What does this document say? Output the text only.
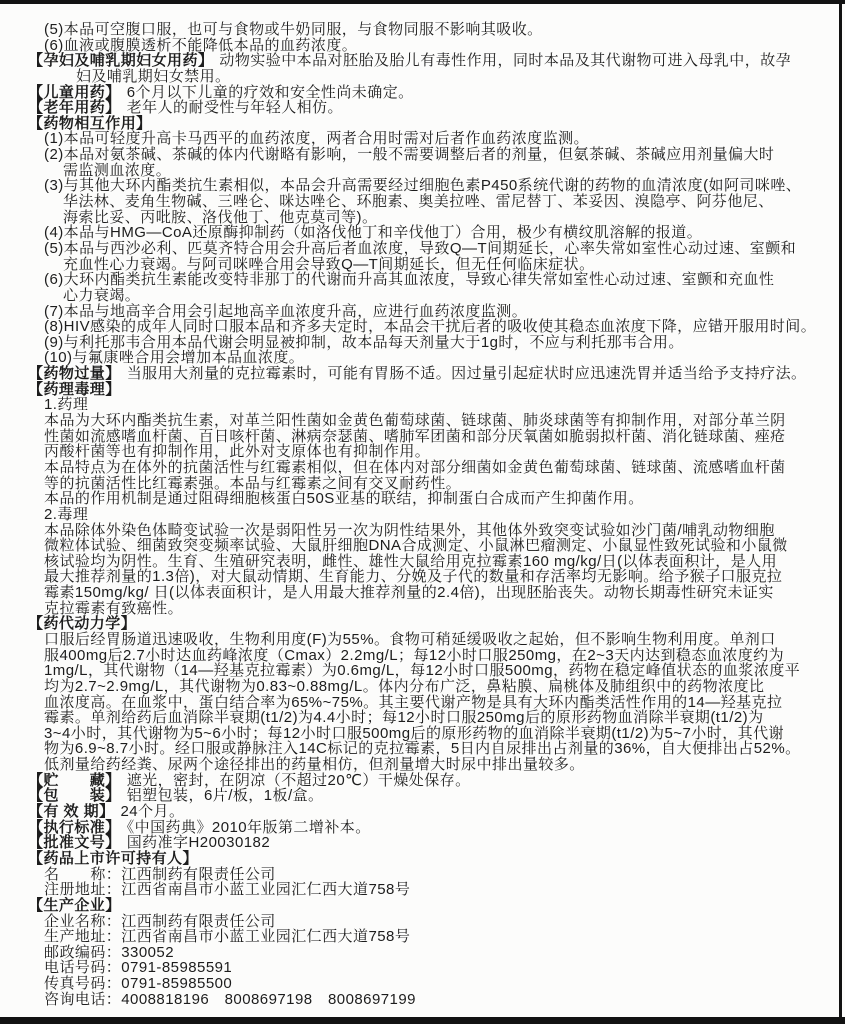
(5)本品可空腹口服，也可与食物或牛奶同服，与食物同服不影响其吸收。
(6)血液或腹膜透析不能降低本品的血药浓度。
【孕妇及哺乳期妇女用药】 动物实验中本品对胚胎及胎儿有毒性作用，同时本品及其代谢物可进入母乳中，故孕
妇及哺乳期妇女禁用。
【儿童用药】 6个月以下儿童的疗效和安全性尚未确定。
【老年用药】 老年人的耐受性与年轻人相仿。
【药物相互作用】
(1)本品可轻度升高卡马西平的血药浓度，两者合用时需对后者作血药浓度监测。
(2)本品对氨茶碱、茶碱的体内代谢略有影响，一般不需要调整后者的剂量，但氨茶碱、茶碱应用剂量偏大时
需监测血浓度。
(3)与其他大环内酯类抗生素相似，本品会升高需要经过细胞色素P450系统代谢的药物的血清浓度(如阿司咪唑、
华法林、麦角生物碱、三唑仑、咪达唑仑、环胞素、奥美拉唑、雷尼替丁、苯妥因、溴隐亭、阿芬他尼、
海索比妥、丙吡胺、洛伐他丁、他克莫司等)。
(4)本品与HMG—CoA还原酶抑制药（如洛伐他丁和辛伐他丁）合用，极少有横纹肌溶解的报道。
(5)本品与西沙必利、匹莫齐特合用会升高后者血浓度，导致Q—T间期延长，心率失常如室性心动过速、室颤和
充血性心力衰竭。与阿司咪唑合用会导致Q—T间期延长，但无任何临床症状。
(6)大环内酯类抗生素能改变特非那丁的代谢而升高其血浓度，导致心律失常如室性心动过速、室颤和充血性
心力衰竭。
(7)本品与地高辛合用会引起地高辛血浓度升高，应进行血药浓度监测。
(8)HIV感染的成年人同时口服本品和齐多夫定时，本品会干扰后者的吸收使其稳态血浓度下降，应错开服用时间。
(9)与利托那韦合用本品代谢会明显被抑制，故本品每天剂量大于1g时，不应与利托那韦合用。
(10)与氟康唑合用会增加本品血浓度。
【药物过量】 当服用大剂量的克拉霉素时，可能有胃肠不适。因过量引起症状时应迅速洗胃并适当给予支持疗法。
【药理毒理】
1.药理
本品为大环内酯类抗生素，对革兰阳性菌如金黄色葡萄球菌、链球菌、肺炎球菌等有抑制作用，对部分革兰阴
性菌如流感嗜血杆菌、百日咳杆菌、淋病奈瑟菌、嗜肺军团菌和部分厌氧菌如脆弱拟杆菌、消化链球菌、痤疮
丙酸杆菌等也有抑制作用，此外对支原体也有抑制作用。
本品特点为在体外的抗菌活性与红霉素相似，但在体内对部分细菌如金黄色葡萄球菌、链球菌、流感嗜血杆菌
等的抗菌活性比红霉素强。本品与红霉素之间有交叉耐药性。
本品的作用机制是通过阻碍细胞核蛋白50S亚基的联结，抑制蛋白合成而产生抑菌作用。
2.毒理
本品除体外染色体畸变试验一次是弱阳性另一次为阴性结果外，其他体外致突变试验如沙门菌/哺乳动物细胞
微粒体试验、细菌致突变频率试验、大鼠肝细胞DNA合成测定、小鼠淋巴瘤测定、小鼠显性致死试验和小鼠微
核试验均为阴性。生育、生殖研究表明，雌性、雄性大鼠给用克拉霉素160 mg/kg/日(以体表面积计，是人用
最大推荐剂量的1.3倍)，对大鼠动情期、生育能力、分娩及子代的数量和存活率均无影响。给予猴子口服克拉
霉素150mg/kg/ 日(以体表面积计，是人用最大推荐剂量的2.4倍)，出现胚胎丧失。动物长期毒性研究未证实
克拉霉素有致癌性。
【药代动力学】
口服后经胃肠道迅速吸收，生物利用度(F)为55%。食物可稍延缓吸收之起始，但不影响生物利用度。单剂口
服400mg后2.7小时达血药峰浓度（Cmax）2.2mg/L；每12小时口服250mg，在2~3天内达到稳态血浓度约为
1mg/L，其代谢物（14—羟基克拉霉素）为0.6mg/L，每12小时口服500mg，药物在稳定峰值状态的血浆浓度平
均为2.7~2.9mg/L，其代谢物为0.83~0.88mg/L。体内分布广泛，鼻粘膜、扁桃体及肺组织中的药物浓度比
血浓度高。在血浆中，蛋白结合率为65%~75%。其主要代谢产物是具有大环内酯类活性作用的14—羟基克拉
霉素。单剂给药后血消除半衰期(t1/2)为4.4小时；每12小时口服250mg后的原形药物血消除半衰期(t1/2)为
3~4小时，其代谢物为5~6小时；每12小时口服500mg后的原形药物的血消除半衰期(t1/2)为5~7小时，其代谢
物为6.9~8.7小时。经口服或静脉注入14C标记的克拉霉素，5日内自尿排出占剂量的36%，自大便排出占52%。
低剂量给药经粪、尿两个途径排出的药量相仿，但剂量增大时尿中排出量较多。
【贮　　藏】 遮光，密封，在阴凉（不超过20℃）干燥处保存。
【包　　装】 铝塑包装，6片/板，1板/盒。
【有 效 期】 24个月。
【执行标准】 《中国药典》2010年版第二增补本。
【批准文号】 国药准字H20030182
【药品上市许可持有人】
名　　称：江西制药有限责任公司
注册地址：江西省南昌市小蓝工业园汇仁西大道758号
【生产企业】
企业名称：江西制药有限责任公司
生产地址：江西省南昌市小蓝工业园汇仁西大道758号
邮政编码：330052
电话号码：0791-85985591
传真号码：0791-85985500
咨询电话：4008818196　8008697198　8008697199
